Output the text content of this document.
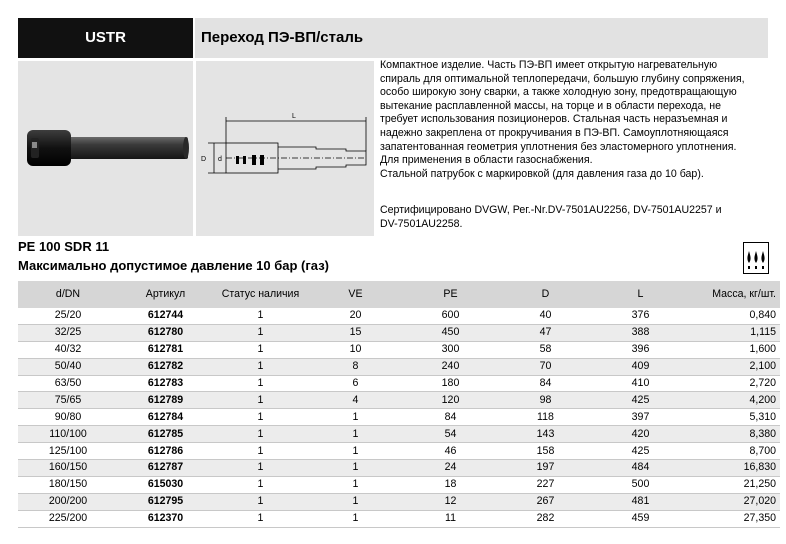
USTR	Переход ПЭ-ВП/сталь
L
D d

Компактное изделие. Часть ПЭ-ВП имеет открытую нагревательную

спираль для оптимальной теплопередачи, большую глубину сопряжения,

особо широкую зону сварки, а также холодную зону, предотвращающую

вытекание расплавленной массы, на торце и в области перехода, не

требует использования позиционеров. Стальная часть неразъемная и

надежно закреплена от прокручивания в ПЭ-ВП. Самоуплотняющаяся

запатентованная геометрия уплотнения без эластомерного уплотнения.

Для применения в области газоснабжения.

Стальной патрубок с маркировкой (для давления газа до 10 бар).

Сертифицировано DVGW, Рег.-Nr.DV-7501AU2256, DV-7501AU2257 и
DV-7501AU2258.
PE 100 SDR 11
Максимально допустимое давление 10 бар (газ)
d/DN	Артикул	Статус наличия	VE	PE	D	L	Масса, кг/шт.
25/20	612744	1	20	600	40	376	0,840
32/25	612780	1	15	450	47	388	1,115
40/32	612781	1	10	300	58	396	1,600
50/40	612782	1	8	240	70	409	2,100
63/50	612783	1	6	180	84	410	2,720
75/65	612789	1	4	120	98	425	4,200
90/80	612784	1	1	84	118	397	5,310
110/100	612785	1	1	54	143	420	8,380
125/100	612786	1	1	46	158	425	8,700
160/150	612787	1	1	24	197	484	16,830
180/150	615030	1	1	18	227	500	21,250
200/200	612795	1	1	12	267	481	27,020
225/200	612370	1	1	11	282	459	27,350
